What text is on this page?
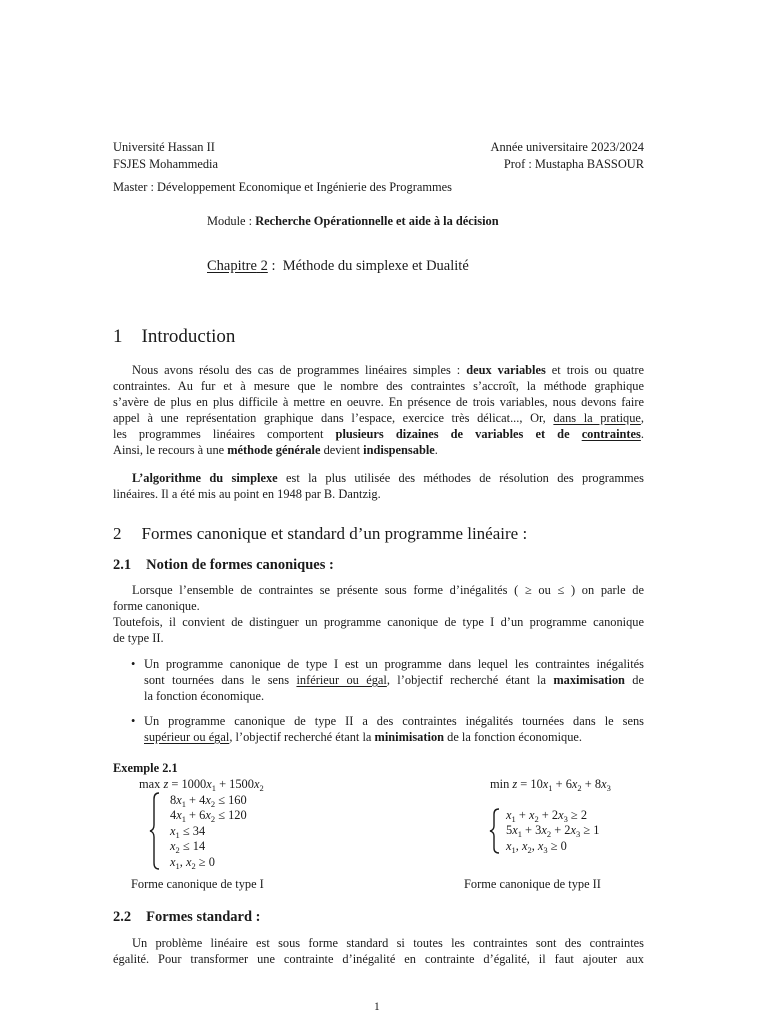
Université Hassan II
FSJES Mohammedia
Année universitaire 2023/2024
Prof : Mustapha BASSOUR
Master : Développement Economique et Ingénierie des Programmes
Module : Recherche Opérationnelle et aide à la décision
Chapitre 2 :  Méthode du simplexe et Dualité
1 Introduction
Nous avons résolu des cas de programmes linéaires simples : deux variables et trois ou quatre
contraintes. Au fur et à mesure que le nombre des contraintes s’accroît, la méthode graphique
s’avère de plus en plus difficile à mettre en oeuvre. En présence de trois variables, nous devons faire
appel à une représentation graphique dans l’espace, exercice très délicat..., Or, dans la pratique,
les programmes linéaires comportent plusieurs dizaines de variables et de contraintes.
Ainsi, le recours à une méthode générale devient indispensable.
L’algorithme du simplexe est la plus utilisée des méthodes de résolution des programmes
linéaires. Il a été mis au point en 1948 par B. Dantzig.
2 Formes canonique et standard d’un programme linéaire :
2.1 Notion de formes canoniques :
Lorsque l’ensemble de contraintes se présente sous forme d’inégalités ( ≥ ou ≤ ) on parle de
forme canonique.
Toutefois, il convient de distinguer un programme canonique de type I d’un programme canonique
de type II.
• Un programme canonique de type I est un programme dans lequel les contraintes inégalités
sont tournées dans le sens inférieur ou égal, l’objectif recherché étant la maximisation de
la fonction économique.
• Un programme canonique de type II a des contraintes inégalités tournées dans le sens
supérieur ou égal, l’objectif recherché étant la minimisation de la fonction économique.
Exemple 2.1
$\max z = 1000x_1 + 1500x_2$
$8x_1 + 4x_2 \le 160$
$4x_1 + 6x_2 \le 120$
$x_1 \le 34$
$x_2 \le 14$
$x_1$, $x_2 \ge 0$
Forme canonique de type I
$\min z = 10x_1 + 6x_2 + 8x_3$
$x_1 + x_2 + 2x_3 \ge 2$
$5x_1 + 3x_2 + 2x_3 \ge 1$
$x_1$, $x_2$, $x_3 \ge 0$
Forme canonique de type II
2.2 Formes standard :
Un problème linéaire est sous forme standard si toutes les contraintes sont des contraintes
égalité. Pour transformer une contrainte d’inégalité en contrainte d’égalité, il faut ajouter aux
1
